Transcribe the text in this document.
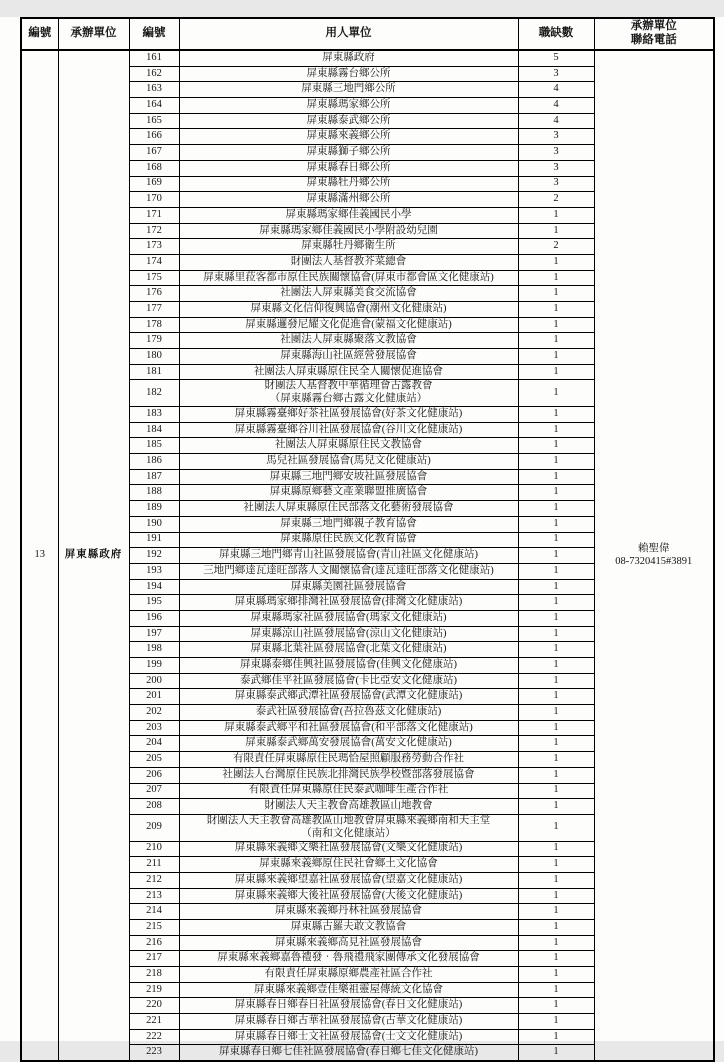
編號	承辦單位	編號	用人單位	職缺數	承辦單位
聯絡電話
13	屏東縣政府	161	屏東縣政府	5	賴聖偉
08-7320415#3891
		162	屏東縣霧台鄉公所	3	
		163	屏東縣三地門鄉公所	4	
		164	屏東縣瑪家鄉公所	4	
		165	屏東縣泰武鄉公所	4	
		166	屏東縣來義鄉公所	3	
		167	屏東縣獅子鄉公所	3	
		168	屏東縣春日鄉公所	3	
		169	屏東縣牡丹鄉公所	3	
		170	屏東縣滿州鄉公所	2	
		171	屏東縣瑪家鄉佳義國民小學	1	
		172	屏東縣瑪家鄉佳義國民小學附設幼兒園	1	
		173	屏東縣牡丹鄉衛生所	2	
		174	財團法人基督教芥菜總會	1	
		175	屏東縣里菈客都市原住民族關懷協會(屏東市都會區文化健康站)	1	
		176	社團法人屏東縣美食交流協會	1	
		177	屏東縣文化信仰復興協會(潮州文化健康站)	1	
		178	屏東縣邏發尼耀文化促進會(蒙福文化健康站)	1	
		179	社團法人屏東縣聚落文教協會	1	
		180	屏東縣海山社區經營發展協會	1	
		181	社團法人屏東縣原住民全人關懷促進協會	1	
		182	財團法人基督教中華循理會古露教會
（屏東縣霧台鄉古露文化健康站）	1	
		183	屏東縣霧臺鄉好茶社區發展協會(好茶文化健康站)	1	
		184	屏東縣霧臺鄉谷川社區發展協會(谷川文化健康站)	1	
		185	社團法人屏東縣原住民文教協會	1	
		186	馬兒社區發展協會(馬兒文化健康站)	1	
		187	屏東縣三地門鄉安坡社區發展協會	1	
		188	屏東縣原鄉藝文產業聯盟推廣協會	1	
		189	社團法人屏東縣原住民部落文化藝術發展協會	1	
		190	屏東縣三地門鄉親子教育協會	1	
		191	屏東縣原住民族文化教育協會	1	
		192	屏東縣三地門鄉青山社區發展協會(青山社區文化健康站)	1	
		193	三地門鄉達瓦達旺部落人文關懷協會(達瓦達旺部落文化健康站)	1	
		194	屏東縣美園社區發展協會	1	
		195	屏東縣瑪家鄉排灣社區發展協會(排灣文化健康站)	1	
		196	屏東縣瑪家社區發展協會(瑪家文化健康站)	1	
		197	屏東縣涼山社區發展協會(涼山文化健康站)	1	
		198	屏東縣北葉社區發展協會(北葉文化健康站)	1	
		199	屏東縣泰鄉佳興社區發展協會(佳興文化健康站)	1	
		200	泰武鄉佳平社區發展協會(卡比亞安文化健康站)	1	
		201	屏東縣泰武鄉武潭社區發展協會(武潭文化健康站)	1	
		202	泰武社區發展協會(吾拉魯茲文化健康站)	1	
		203	屏東縣泰武鄉平和社區發展協會(和平部落文化健康站)	1	
		204	屏東縣泰武鄉萬安發展協會(萬安文化健康站)	1	
		205	有限責任屏東縣原住民瑪恰屋照顧服務勞動合作社	1	
		206	社團法人台灣原住民族北排灣民族學校暨部落發展協會	1	
		207	有限責任屏東縣原住民泰武咖啡生產合作社	1	
		208	財團法人天主教會高雄教區山地教會	1	
		209	財團法人天主教會高雄教區山地教會屏東縣來義鄉南和天主堂
（南和文化健康站）	1	
		210	屏東縣來義鄉文樂社區發展協會(文樂文化健康站)	1	
		211	屏東縣來義鄉原住民社會鄉土文化協會	1	
		212	屏東縣來義鄉望嘉社區發展協會(望嘉文化健康站)	1	
		213	屏東縣來義鄉大後社區發展協會(大後文化健康站)	1	
		214	屏東縣來義鄉丹林社區發展協會	1	
		215	屏東縣古羅夫敢文教協會	1	
		216	屏東縣來義鄉高見社區發展協會	1	
		217	屏東縣來義鄉嘉魯禮發‧魯飛禮飛家團傳承文化發展協會	1	
		218	有限責任屏東縣原鄉農產社區合作社	1	
		219	屏東縣來義鄉壹佳樂祖靈屋傳統文化協會	1	
		220	屏東縣春日鄉春日社區發展協會(春日文化健康站)	1	
		221	屏東縣春日鄉古華社區發展協會(古華文化健康站)	1	
		222	屏東縣春日鄉士文社區發展協會(士文文化健康站)	1	
		223	屏東縣春日鄉七佳社區發展協會(春日鄉七佳文化健康站)	1	
